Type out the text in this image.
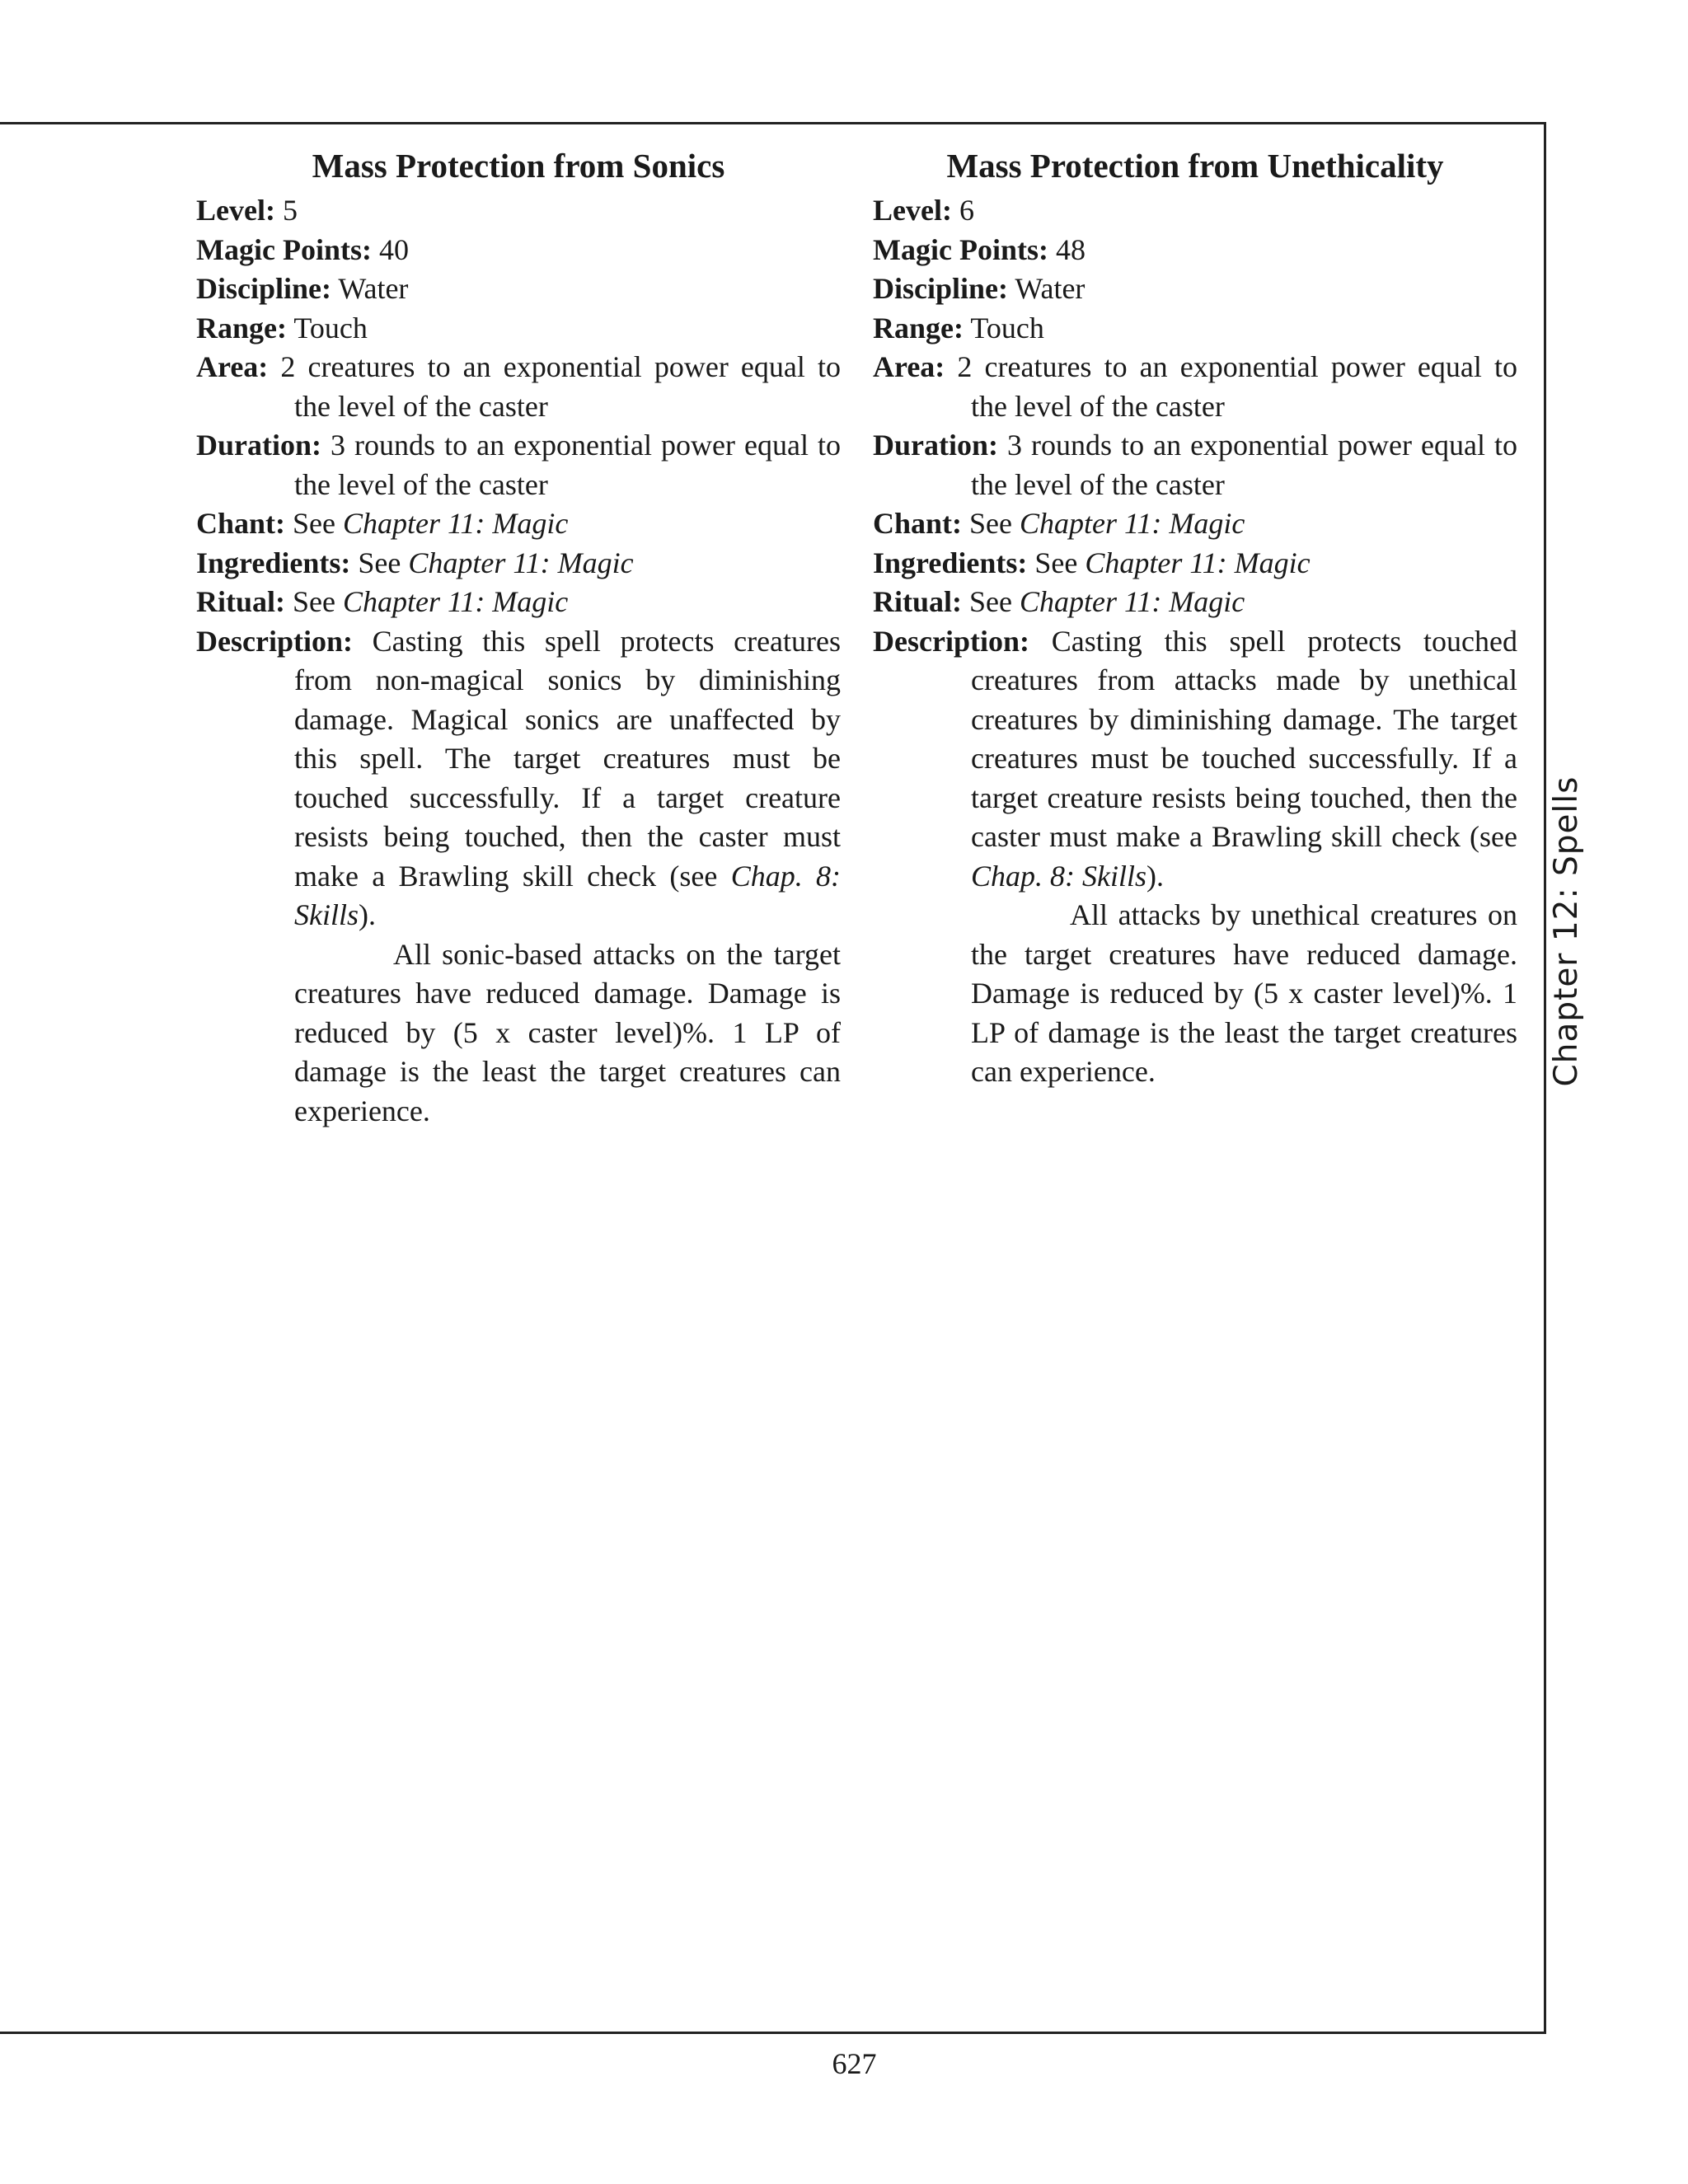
Mass Protection from Sonics

Level: 5

Magic Points: 40

Discipline: Water

Range: Touch

Area: 2 creatures to an exponential power equal to the level of the caster

Duration: 3 rounds to an exponential power equal to the level of the caster

Chant: See Chapter 11: Magic

Ingredients: See Chapter 11: Magic

Ritual: See Chapter 11: Magic

Description: Casting this spell protects creatures from non-magical sonics by diminishing damage. Magical sonics are unaffected by this spell. The target creatures must be touched successfully. If a target creature resists being touched, then the caster must make a Brawling skill check (see Chap. 8: Skills).

All sonic-based attacks on the target creatures have reduced damage. Damage is reduced by (5 x caster level)%. 1 LP of damage is the least the target creatures can experience.

Mass Protection from Unethicality

Level: 6

Magic Points: 48

Discipline: Water

Range: Touch

Area: 2 creatures to an exponential power equal to the level of the caster

Duration: 3 rounds to an exponential power equal to the level of the caster

Chant: See Chapter 11: Magic

Ingredients: See Chapter 11: Magic

Ritual: See Chapter 11: Magic

Description: Casting this spell protects touched creatures from attacks made by unethical creatures by diminishing damage. The target creatures must be touched successfully. If a target creature resists being touched, then the caster must make a Brawling skill check (see Chap. 8: Skills).

All attacks by unethical creatures on the target creatures have reduced damage. Damage is reduced by (5 x caster level)%. 1 LP of damage is the least the target creatures can experience.	Chapter 12: Spells
627
